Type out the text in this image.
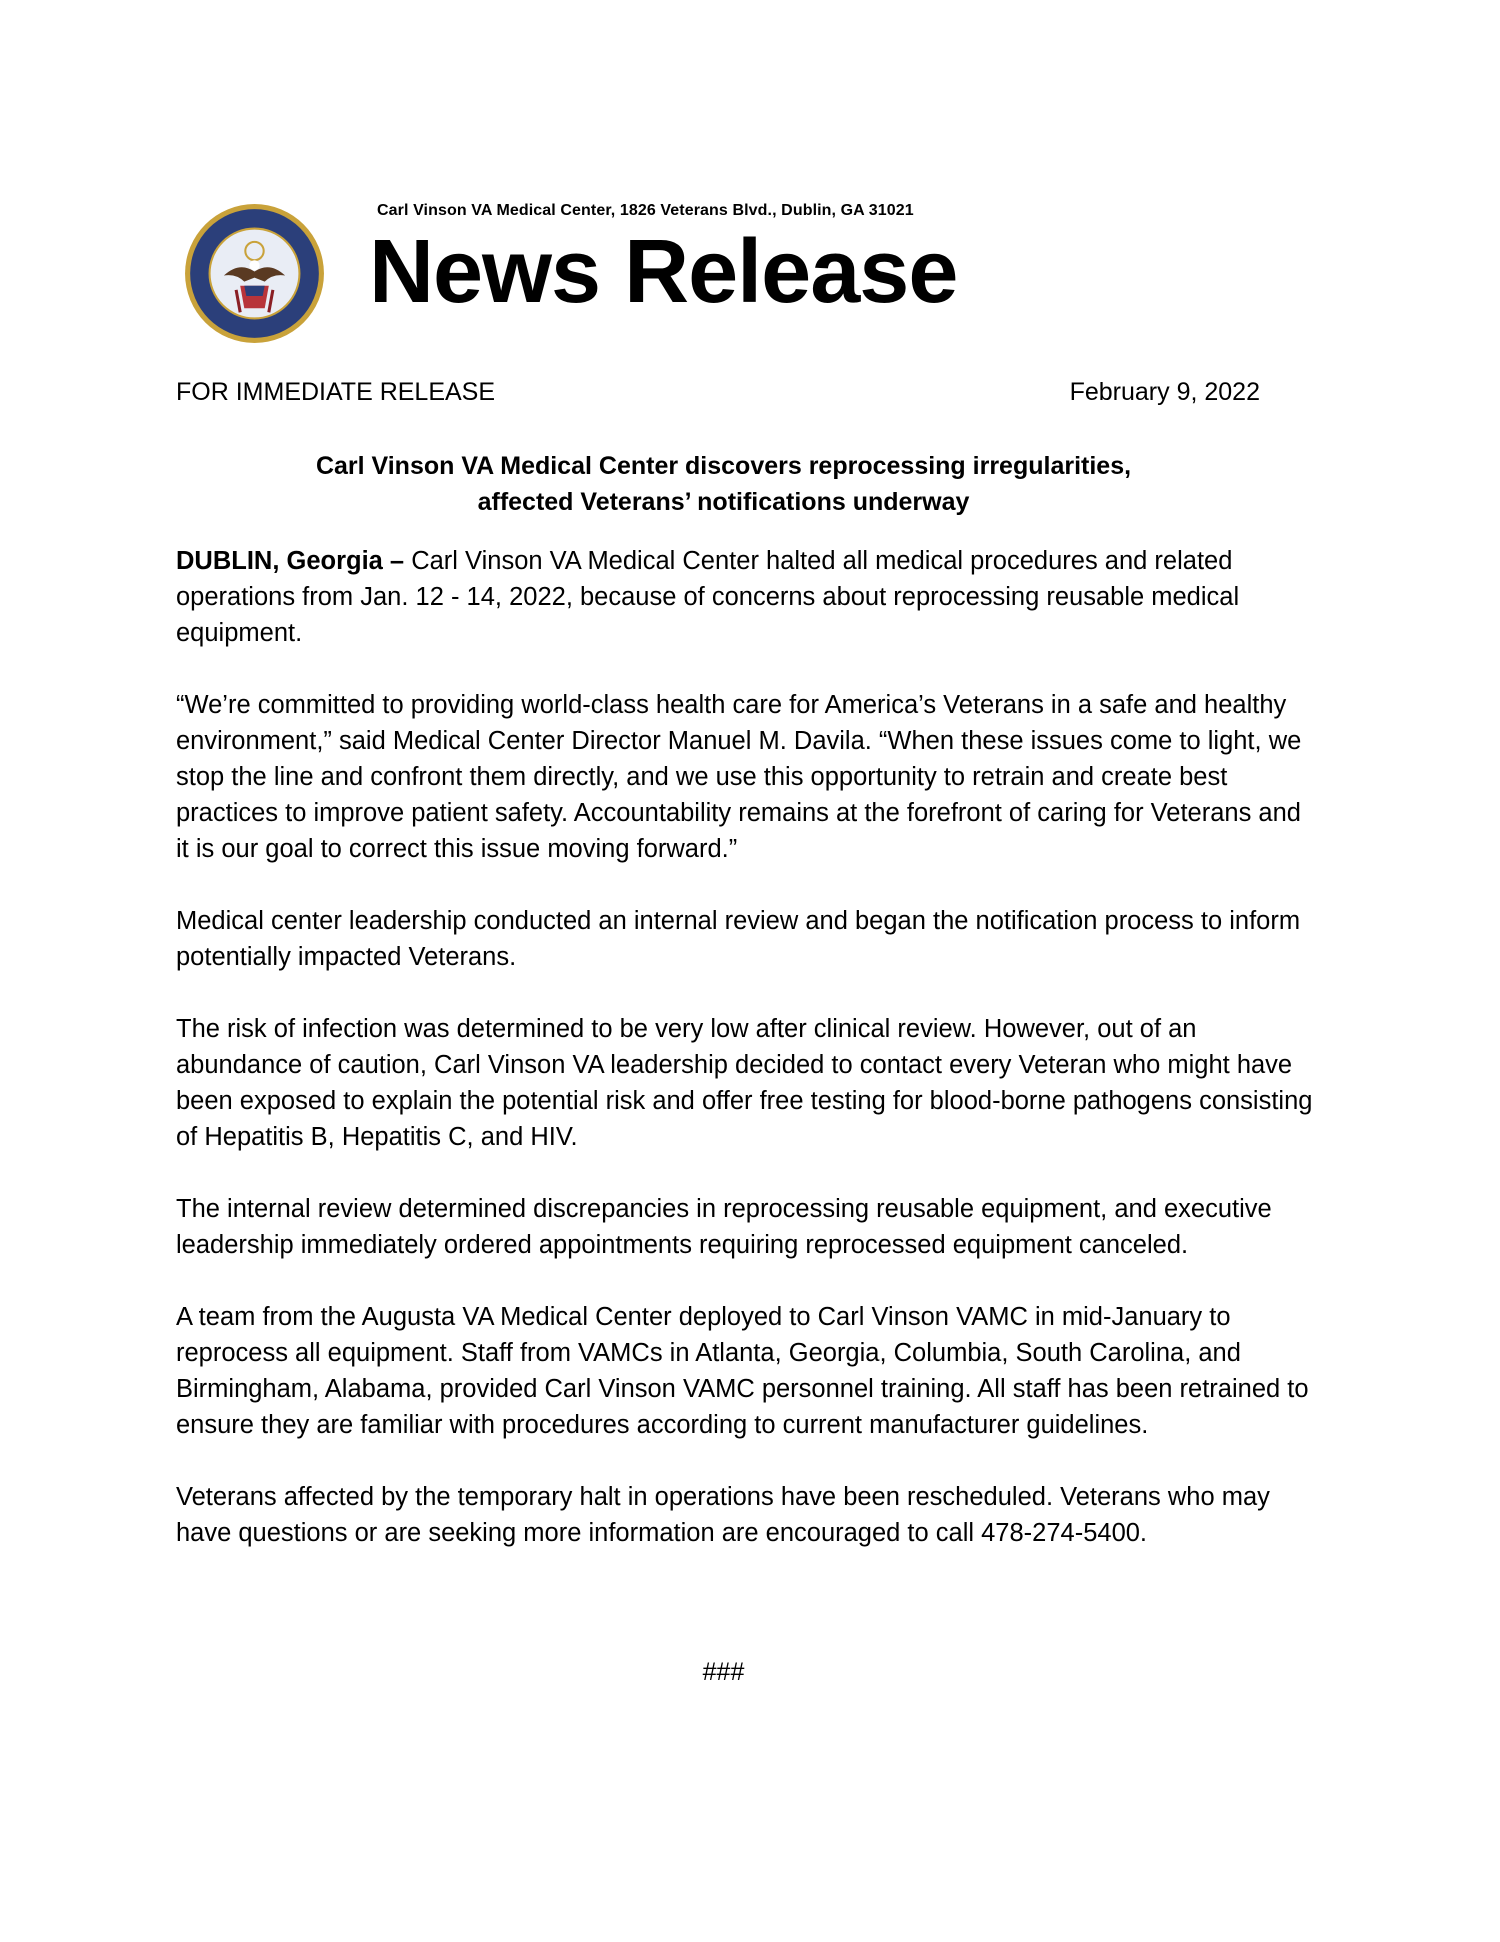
Carl Vinson VA Medical Center, 1826 Veterans Blvd., Dublin, GA 31021
News Release
FOR IMMEDIATE RELEASE	February 9, 2022
Carl Vinson VA Medical Center discovers reprocessing irregularities,
affected Veterans’ notifications underway

DUBLIN, Georgia – Carl Vinson VA Medical Center halted all medical procedures and related operations from Jan. 12 - 14, 2022, because of concerns about reprocessing reusable medical equipment.

“We’re committed to providing world-class health care for America’s Veterans in a safe and healthy environment,” said Medical Center Director Manuel M. Davila. “When these issues come to light, we stop the line and confront them directly, and we use this opportunity to retrain and create best practices to improve patient safety. Accountability remains at the forefront of caring for Veterans and it is our goal to correct this issue moving forward.”

Medical center leadership conducted an internal review and began the notification process to inform potentially impacted Veterans.

The risk of infection was determined to be very low after clinical review. However, out of an abundance of caution, Carl Vinson VA leadership decided to contact every Veteran who might have been exposed to explain the potential risk and offer free testing for blood-borne pathogens consisting of Hepatitis B, Hepatitis C, and HIV.

The internal review determined discrepancies in reprocessing reusable equipment, and executive leadership immediately ordered appointments requiring reprocessed equipment canceled.

A team from the Augusta VA Medical Center deployed to Carl Vinson VAMC in mid-January to reprocess all equipment. Staff from VAMCs in Atlanta, Georgia, Columbia, South Carolina, and Birmingham, Alabama, provided Carl Vinson VAMC personnel training. All staff has been retrained to ensure they are familiar with procedures according to current manufacturer guidelines.

Veterans affected by the temporary halt in operations have been rescheduled. Veterans who may have questions or are seeking more information are encouraged to call 478-274-5400.

###
